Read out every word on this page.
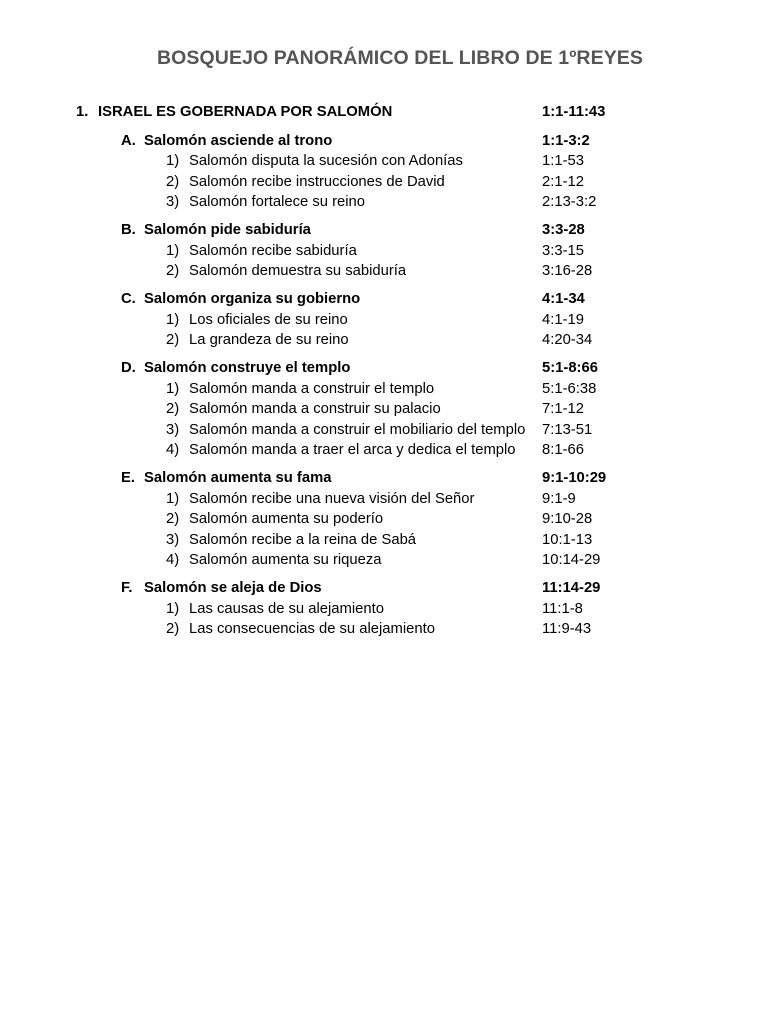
BOSQUEJO PANORÁMICO DEL LIBRO DE 1ºREYES
1. ISRAEL ES GOBERNADA POR SALOMÓN	1:1-11:43
A. Salomón asciende al trono	1:1-3:2
1) Salomón disputa la sucesión con Adonías	1:1-53
2) Salomón recibe instrucciones de David	2:1-12
3) Salomón fortalece su reino	2:13-3:2
B. Salomón pide sabiduría	3:3-28
1) Salomón recibe sabiduría	3:3-15
2) Salomón demuestra su sabiduría	3:16-28
C. Salomón organiza su gobierno	4:1-34
1) Los oficiales de su reino	4:1-19
2) La grandeza de su reino	4:20-34
D. Salomón construye el templo	5:1-8:66
1) Salomón manda a construir el templo	5:1-6:38
2) Salomón manda a construir su palacio	7:1-12
3) Salomón manda a construir el mobiliario del templo 7:13-51
4) Salomón manda a traer el arca y dedica el templo 8:1-66
E. Salomón aumenta su fama	9:1-10:29
1) Salomón recibe una nueva visión del Señor	9:1-9
2) Salomón aumenta su poderío	9:10-28
3) Salomón recibe a la reina de Sabá	10:1-13
4) Salomón aumenta su riqueza	10:14-29
F. Salomón se aleja de Dios	11:14-29
1) Las causas de su alejamiento	11:1-8
2) Las consecuencias de su alejamiento	11:9-43
